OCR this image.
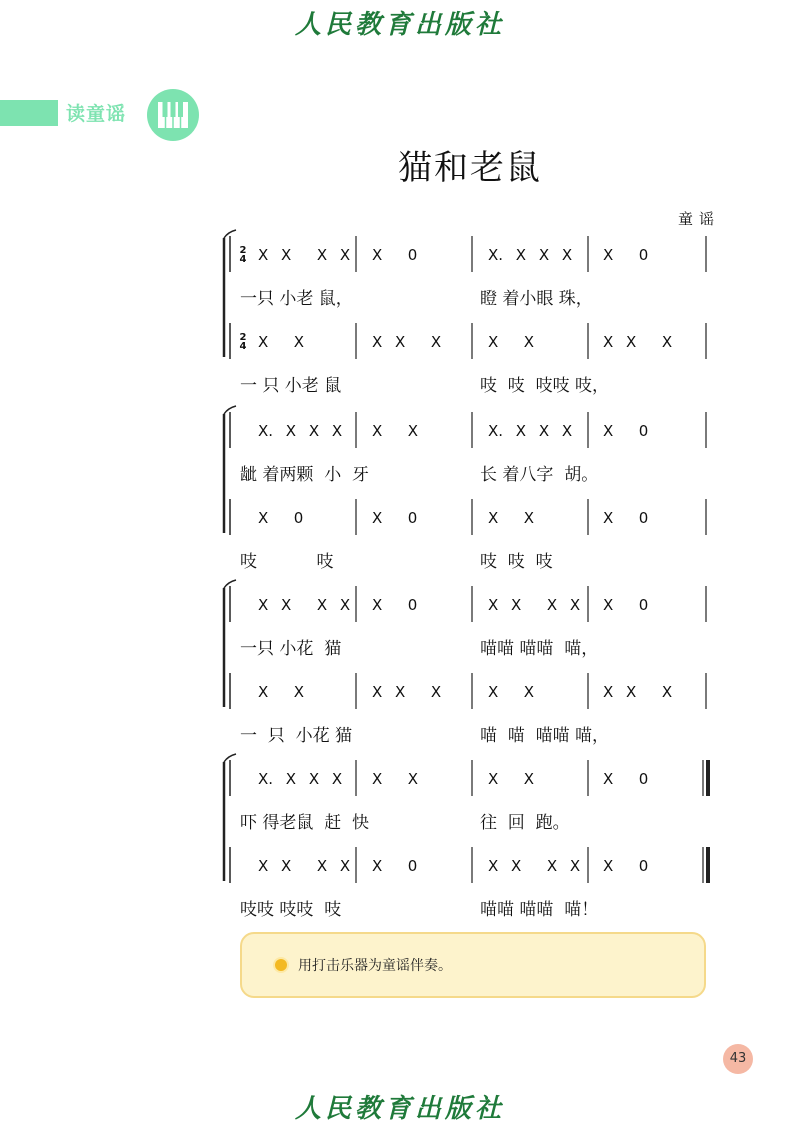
人民教育出版社
读童谣
猫和老鼠
童谣
2
4 X X  X X X  0	X. X X X	X  0
一只 小老 鼠，	瞪 着小眼 珠，
2
4 X  X	X X  X	X  X	X X  X
一 只 小老 鼠	吱  吱  吱吱 吱，
X. X X X X  X	X. X X X	X  0
龇 着两颗  小  牙	长 着八字  胡。
X  0	X  0	X  X	X  0
吱           吱	吱  吱  吱
X X  X X X  0	X X  X X X  0
一只 小花  猫	喵喵 喵喵  喵，
X  X	X X  X	X  X	X X  X
一  只  小花 猫	喵  喵  喵喵 喵，
X. X X X X  X	X  X	X  0
吓 得老鼠  赶  快	往  回  跑。
X X  X X X  0	X X  X X X  0
吱吱 吱吱  吱	喵喵 喵喵  喵！
用打击乐器为童谣伴奏。
43
人民教育出版社
